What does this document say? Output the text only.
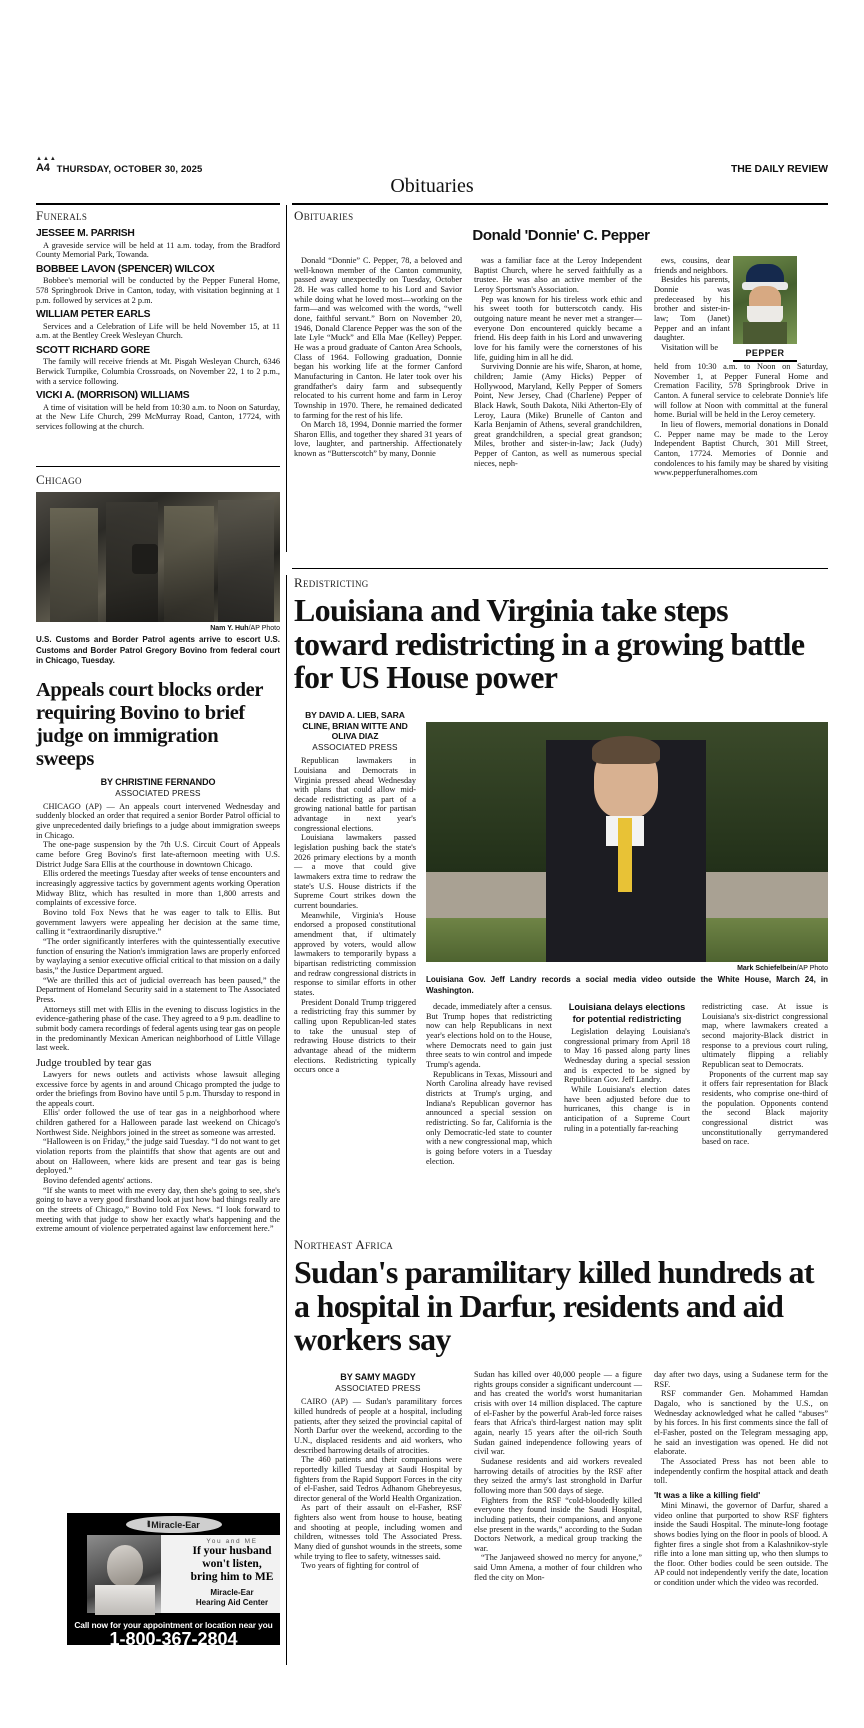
▲▲▲
A4 THURSDAY, OCTOBER 30, 2025	THE DAILY REVIEW
Obituaries
Funerals
JESSEE M. PARRISH
A graveside service will be held at 11 a.m. today, from the Bradford County Memorial Park, Towanda.
BOBBEE LAVON (SPENCER) WILCOX
Bobbee's memorial will be conducted by the Pepper Funeral Home, 578 Springbrook Drive in Canton, today, with visitation beginning at 1 p.m. followed by services at 2 p.m.
WILLIAM PETER EARLS
Services and a Celebration of Life will be held November 15, at 11 a.m. at the Bentley Creek Wesleyan Church.
SCOTT RICHARD GORE
The family will receive friends at Mt. Pisgah Wesleyan Church, 6346 Berwick Turnpike, Columbia Crossroads, on November 22, 1 to 2 p.m., with a service following.
VICKI A. (MORRISON) WILLIAMS
A time of visitation will be held from 10:30 a.m. to Noon on Saturday, at the New Life Church, 299 McMurray Road, Canton, 17724, with services following at the church.
Chicago
Nam Y. Huh/AP Photo
U.S. Customs and Border Patrol agents arrive to escort U.S. Customs and Border Patrol Gregory Bovino from federal court in Chicago, Tuesday.
Appeals court blocks order requiring Bovino to brief judge on immigration sweeps
BY CHRISTINE FERNANDO
ASSOCIATED PRESS

CHICAGO (AP) — An appeals court intervened Wednesday and suddenly blocked an order that required a senior Border Patrol official to give unprecedented daily briefings to a judge about immigration sweeps in Chicago.

The one-page suspension by the 7th U.S. Circuit Court of Appeals came before Greg Bovino's first late-afternoon meeting with U.S. District Judge Sara Ellis at the courthouse in downtown Chicago.

Ellis ordered the meetings Tuesday after weeks of tense encounters and increasingly aggressive tactics by government agents working Operation Midway Blitz, which has resulted in more than 1,800 arrests and complaints of excessive force.

Bovino told Fox News that he was eager to talk to Ellis. But government lawyers were appealing her decision at the same time, calling it “extraordinarily disruptive.”

“The order significantly interferes with the quintessentially executive function of ensuring the Nation's immigration laws are properly enforced by waylaying a senior executive official critical to that mission on a daily basis,” the Justice Department argued.

“We are thrilled this act of judicial overreach has been paused,” the Department of Homeland Security said in a statement to The Associated Press.

Attorneys still met with Ellis in the evening to discuss logistics in the evidence-gathering phase of the case. They agreed to a 9 p.m. deadline to submit body camera recordings of federal agents using tear gas on people in the predominantly Mexican American neighborhood of Little Village last week.

Judge troubled by tear gas

Lawyers for news outlets and activists whose lawsuit alleging excessive force by agents in and around Chicago prompted the judge to order the briefings from Bovino have until 5 p.m. Thursday to respond in the appeals court.

Ellis' order followed the use of tear gas in a neighborhood where children gathered for a Halloween parade last weekend on Chicago's Northwest Side. Neighbors joined in the street as someone was arrested.

“Halloween is on Friday,” the judge said Tuesday. “I do not want to get violation reports from the plaintiffs that show that agents are out and about on Halloween, where kids are present and tear gas is being deployed.”

Bovino defended agents' actions.

“If she wants to meet with me every day, then she's going to see, she's going to have a very good firsthand look at just how bad things really are on the streets of Chicago,” Bovino told Fox News. “I look forward to meeting with that judge to show her exactly what's happening and the extreme amount of violence perpetrated against law enforcement here.”

⦚⦚⦚ Miracle-Ear
You and ME
If your husband
won't listen,
bring him to ME
Miracle-Ear
Hearing Aid Center
Call now for your appointment or location near you
1-800-367-2804
Obituaries
Donald 'Donnie' C. Pepper

Donald “Donnie” C. Pepper, 78, a beloved and well-known member of the Canton community, passed away unexpectedly on Tuesday, October 28. He was called home to his Lord and Savior while doing what he loved most—working on the farm—and was welcomed with the words, “well done, faithful servant.” Born on November 20, 1946, Donald Clarence Pepper was the son of the late Lyle “Muck” and Ella Mae (Kelley) Pepper. He was a proud graduate of Canton Area Schools, Class of 1964. Following graduation, Donnie began his working life at the former Canford Manufacturing in Canton. He later took over his grandfather's dairy farm and subsequently relocated to his current home and farm in Leroy Township in 1970. There, he remained dedicated to farming for the rest of his life.

On March 18, 1994, Donnie married the former Sharon Ellis, and together they shared 31 years of love, laughter, and partnership. Affectionately known as “Butterscotch” by many, Donnie

was a familiar face at the Leroy Independent Baptist Church, where he served faithfully as a trustee. He was also an active member of the Leroy Sportsman's Association.

Pep was known for his tireless work ethic and his sweet tooth for butterscotch candy. His outgoing nature meant he never met a stranger—everyone Don encountered quickly became a friend. His deep faith in his Lord and unwavering love for his family were the cornerstones of his life, guiding him in all he did.

Surviving Donnie are his wife, Sharon, at home, children; Jamie (Amy Hicks) Pepper of Hollywood, Maryland, Kelly Pepper of Somers Point, New Jersey, Chad (Charlene) Pepper of Black Hawk, South Dakota, Niki Atherton-Ely of Leroy, Laura (Mike) Brunelle of Canton and Karla Benjamin of Athens, several grandchildren, great grandchildren, a special great grandson; Miles, brother and sister-in-law; Jack (Judy) Pepper of Canton, as well as numerous special nieces, neph-

ews, cousins, dear friends and neighbors.

Besides his parents, Donnie was predeceased by his brother and sister-in-law; Tom (Janet) Pepper and an infant daughter.

Visitation will be

PEPPER

held from 10:30 a.m. to Noon on Saturday, November 1, at Pepper Funeral Home and Cremation Facility, 578 Springbrook Drive in Canton. A funeral service to celebrate Donnie's life will follow at Noon with committal at the funeral home. Burial will be held in the Leroy cemetery.

In lieu of flowers, memorial donations in Donald C. Pepper name may be made to the Leroy Independent Baptist Church, 301 Mill Street, Canton, 17724. Memories of Donnie and condolences to his family may be shared by visiting www.pepperfuneralhomes.com

Redistricting
Louisiana and Virginia take steps toward redistricting in a growing battle for US House power
BY DAVID A. LIEB, SARA CLINE, BRIAN WITTE AND OLIVA DIAZ
ASSOCIATED PRESS

Republican lawmakers in Louisiana and Democrats in Virginia pressed ahead Wednesday with plans that could allow mid-decade redistricting as part of a growing national battle for partisan advantage in next year's congressional elections.

Louisiana lawmakers passed legislation pushing back the state's 2026 primary elections by a month — a move that could give lawmakers extra time to redraw the state's U.S. House districts if the Supreme Court strikes down the current boundaries.

Meanwhile, Virginia's House endorsed a proposed constitutional amendment that, if ultimately approved by voters, would allow lawmakers to temporarily bypass a bipartisan redistricting commission and redraw congressional districts in response to similar efforts in other states.

President Donald Trump triggered a redistricting fray this summer by calling upon Republican-led states to take the unusual step of redrawing House districts to their advantage ahead of the midterm elections. Redistricting typically occurs once a

Mark Schiefelbein/AP Photo
Louisiana Gov. Jeff Landry records a social media video outside the White House, March 24, in Washington.

decade, immediately after a census. But Trump hopes that redistricting now can help Republicans in next year's elections hold on to the House, where Democrats need to gain just three seats to win control and impede Trump's agenda.

Republicans in Texas, Missouri and North Carolina already have revised districts at Trump's urging, and Indiana's Republican governor has announced a special session on redistricting. So far, California is the only Democratic-led state to counter with a new congressional map, which is going before voters in a Tuesday election.

Louisiana delays elections for potential redistricting

Legislation delaying Louisiana's congressional primary from April 18 to May 16 passed along party lines Wednesday during a special session and is expected to be signed by Republican Gov. Jeff Landry.

While Louisiana's election dates have been adjusted before due to hurricanes, this change is in anticipation of a Supreme Court ruling in a potentially far-reaching

redistricting case. At issue is Louisiana's six-district congressional map, where lawmakers created a second majority-Black district in response to a previous court ruling, ultimately flipping a reliably Republican seat to Democrats.

Proponents of the current map say it offers fair representation for Black residents, who comprise one-third of the population. Opponents contend the second Black majority congressional district was unconstitutionally gerrymandered based on race.

Northeast Africa
Sudan's paramilitary killed hundreds at a hospital in Darfur, residents and aid workers say
BY SAMY MAGDY
ASSOCIATED PRESS

CAIRO (AP) — Sudan's paramilitary forces killed hundreds of people at a hospital, including patients, after they seized the provincial capital of North Darfur over the weekend, according to the U.N., displaced residents and aid workers, who described harrowing details of atrocities.

The 460 patients and their companions were reportedly killed Tuesday at Saudi Hospital by fighters from the Rapid Support Forces in the city of el-Fasher, said Tedros Adhanom Ghebreyesus, director general of the World Health Organization.

As part of their assault on el-Fasher, RSF fighters also went from house to house, beating and shooting at people, including women and children, witnesses told The Associated Press. Many died of gunshot wounds in the streets, some while trying to flee to safety, witnesses said.

Two years of fighting for control of

Sudan has killed over 40,000 people — a figure rights groups consider a significant undercount — and has created the world's worst humanitarian crisis with over 14 million displaced. The capture of el-Fasher by the powerful Arab-led force raises fears that Africa's third-largest nation may split again, nearly 15 years after the oil-rich South Sudan gained independence following years of civil war.

Sudanese residents and aid workers revealed harrowing details of atrocities by the RSF after they seized the army's last stronghold in Darfur following more than 500 days of siege.

Fighters from the RSF “cold-bloodedly killed everyone they found inside the Saudi Hospital, including patients, their companions, and anyone else present in the wards,” according to the Sudan Doctors Network, a medical group tracking the war.

“The Janjaweed showed no mercy for anyone,” said Umn Amena, a mother of four children who fled the city on Mon-

day after two days, using a Sudanese term for the RSF.

RSF commander Gen. Mohammed Hamdan Dagalo, who is sanctioned by the U.S., on Wednesday acknowledged what he called “abuses” by his forces. In his first comments since the fall of el-Fasher, posted on the Telegram messaging app, he said an investigation was opened. He did not elaborate.

The Associated Press has not been able to independently confirm the hospital attack and death toll.

'It was a like a killing field'

Mini Minawi, the governor of Darfur, shared a video online that purported to show RSF fighters inside the Saudi Hospital. The minute-long footage shows bodies lying on the floor in pools of blood. A fighter fires a single shot from a Kalashnikov-style rifle into a lone man sitting up, who then slumps to the floor. Other bodies could be seen outside. The AP could not independently verify the date, location or condition under which the video was recorded.
